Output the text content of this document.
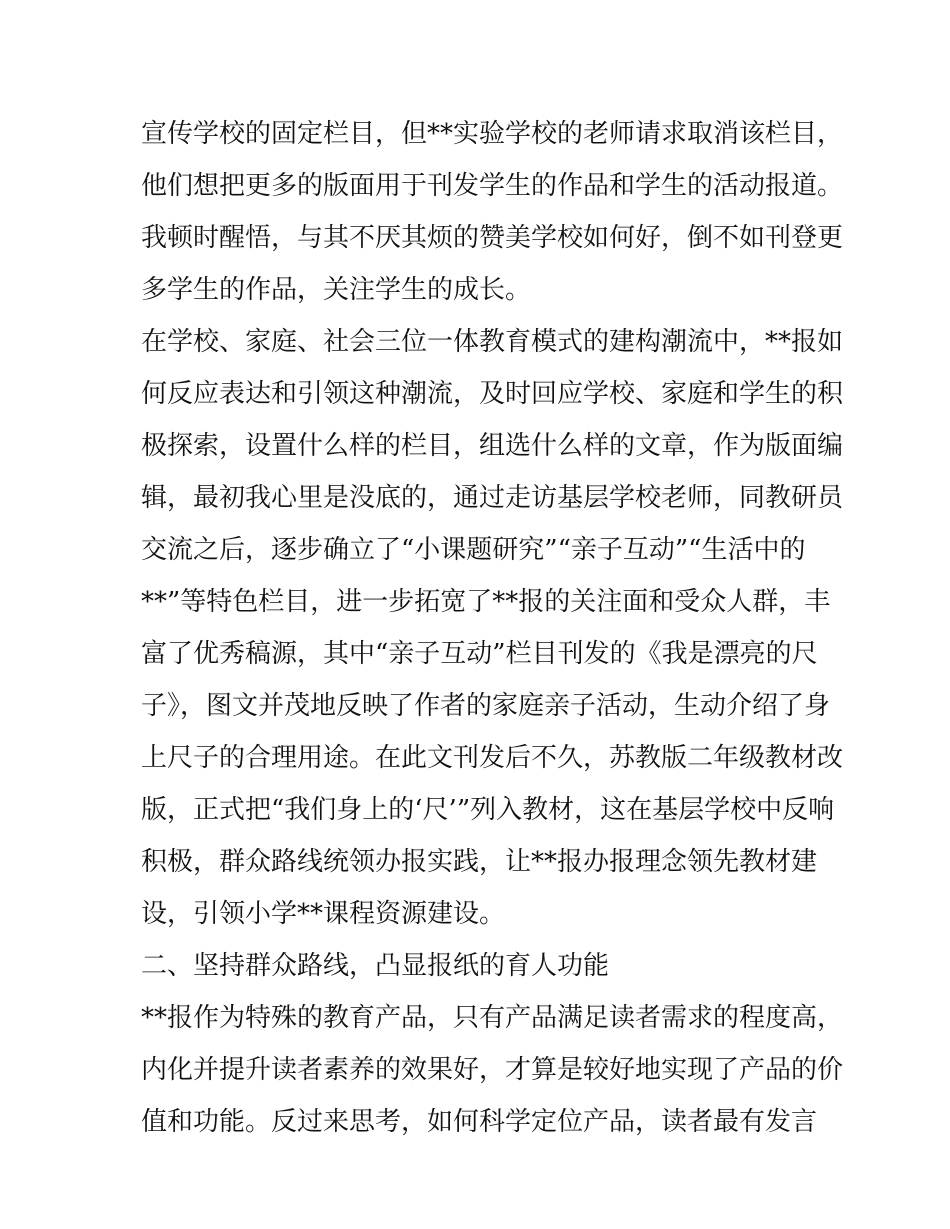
宣传学校的固定栏目，但**实验学校的老师请求取消该栏目，
他们想把更多的版面用于刊发学生的作品和学生的活动报道。
我顿时醒悟，与其不厌其烦的赞美学校如何好，倒不如刊登更
多学生的作品，关注学生的成长。
在学校、家庭、社会三位一体教育模式的建构潮流中，**报如
何反应表达和引领这种潮流，及时回应学校、家庭和学生的积
极探索，设置什么样的栏目，组选什么样的文章，作为版面编
辑，最初我心里是没底的，通过走访基层学校老师，同教研员
交流之后，逐步确立了“小课题研究”“亲子互动”“生活中的
**”等特色栏目，进一步拓宽了**报的关注面和受众人群，丰
富了优秀稿源，其中“亲子互动”栏目刊发的《我是漂亮的尺
子》，图文并茂地反映了作者的家庭亲子活动，生动介绍了身
上尺子的合理用途。在此文刊发后不久，苏教版二年级教材改
版，正式把“我们身上的‘尺’”列入教材，这在基层学校中反响
积极，群众路线统领办报实践，让**报办报理念领先教材建
设，引领小学**课程资源建设。
二、坚持群众路线，凸显报纸的育人功能
**报作为特殊的教育产品，只有产品满足读者需求的程度高，
内化并提升读者素养的效果好，才算是较好地实现了产品的价
值和功能。反过来思考，如何科学定位产品，读者最有发言
